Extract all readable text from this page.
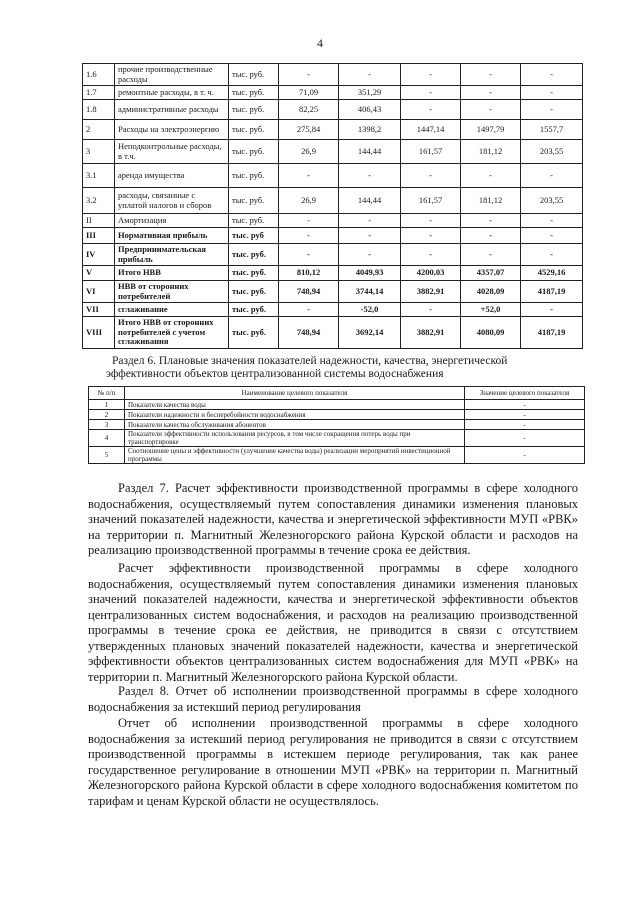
4
1.6	прочие производственные расходы	тыс. руб.	-	-	-	-	-
1.7	ремонтные расходы, в т. ч.	тыс. руб.	71,09	351,29	-	-	-
1.8	административные расходы	тыс. руб.	82,25	406,43	-	-	-
2	Расходы на электроэнергию	тыс. руб.	275,84	1398,2	1447,14	1497,79	1557,7
3	Неподконтрольные расходы, в т.ч.	тыс. руб.	26,9	144,44	161,57	181,12	203,55
3.1	аренда имущества	тыс. руб.	-	-	-	-	-
3.2	расходы, связанные с уплатой налогов и сборов	тыс. руб.	26,9	144,44	161,57	181,12	203,55
II	Амортизация	тыс. руб.	-	-	-	-	-
III	Нормативная прибыль	тыс. руб	-	-	-	-	-
IV	Предпринимательская прибыль	тыс. руб.	-	-	-	-	-
V	Итого НВВ	тыс. руб.	810,12	4049,93	4200,03	4357,07	4529,16
VI	НВВ от сторонних потребителей	тыс. руб.	748,94	3744,14	3882,91	4028,09	4187,19
VII	сглаживание	тыс. руб.	-	-52,0	-	+52,0	-
VIII	Итого НВВ от сторонних потребителей с учетом сглаживания	тыс. руб.	748,94	3692,14	3882,91	4080,09	4187,19

Раздел 6. Плановые значения показателей надежности, качества, энергетической

эффективности объектов централизованной системы водоснабжения

№ п/п	Наименование целевого показателя	Значение целевого показателя
1	Показатели качества воды	-
2	Показатели надежности и бесперебойности водоснабжения	-
3	Показатели качества обслуживания абонентов	-
4	Показатели эффективности использования ресурсов, в том числе сокращения потерь воды при транспортировке	-
5	Соотношение цены и эффективности (улучшение качества воды) реализации мероприятий инвестиционной программы	-

Раздел 7. Расчет эффективности производственной программы в сфере холодного водоснабжения, осуществляемый путем сопоставления динамики изменения плановых значений показателей надежности, качества и энергетической эффективности МУП «РВК» на территории п. Магнитный Железногорского района Курской области и расходов на реализацию производственной программы в течение срока ее действия.

Расчет эффективности производственной программы в сфере холодного водоснабжения, осуществляемый путем сопоставления динамики изменения плановых значений показателей надежности, качества и энергетической эффективности объектов централизованных систем водоснабжения, и расходов на реализацию производственной программы в течение срока ее действия, не приводится в связи с отсутствием утвержденных плановых значений показателей надежности, качества и энергетической эффективности объектов централизованных систем водоснабжения для МУП «РВК» на территории п. Магнитный Железногорского района Курской области.

Раздел 8. Отчет об исполнении производственной программы в сфере холодного водоснабжения за истекший период регулирования

Отчет об исполнении производственной программы в сфере холодного водоснабжения за истекший период регулирования не приводится в связи с отсутствием производственной программы в истекшем периоде регулирования, так как ранее государственное регулирование в отношении МУП «РВК» на территории п. Магнитный Железногорского района Курской области в сфере холодного водоснабжения комитетом по тарифам и ценам Курской области не осуществлялось.
